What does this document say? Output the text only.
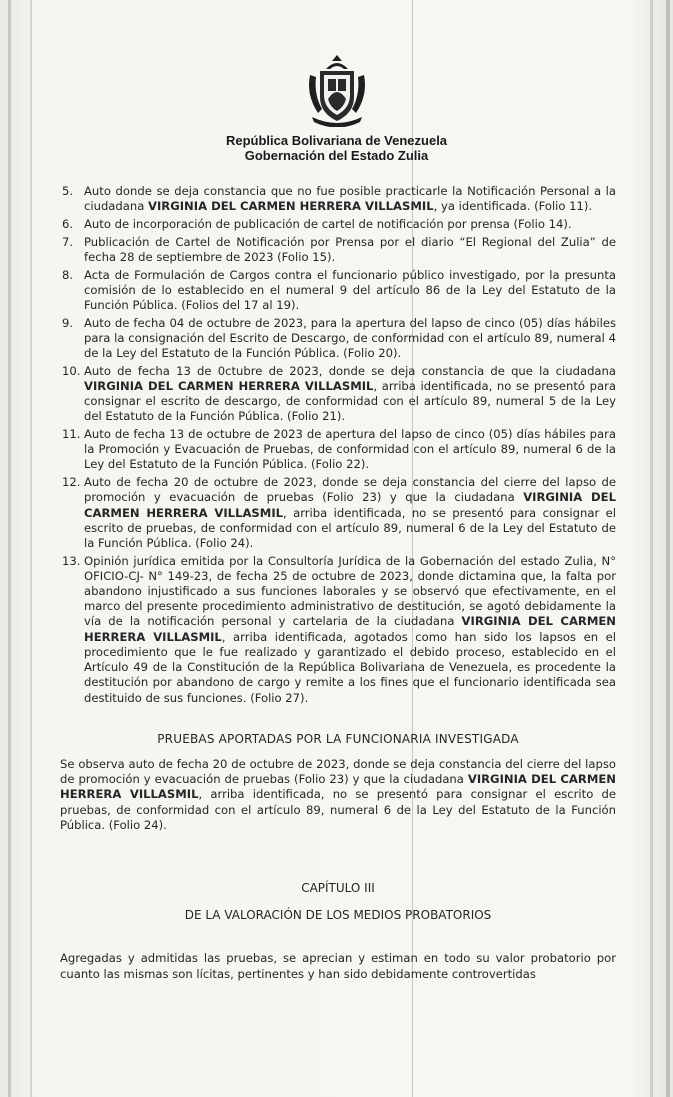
República Bolivariana de Venezuela
Gobernación del Estado Zulia
5. Auto donde se deja constancia que no fue posible practicarle la Notificación Personal a la ciudadana VIRGINIA DEL CARMEN HERRERA VILLASMIL, ya identificada. (Folio 11).
6. Auto de incorporación de publicación de cartel de notificación por prensa (Folio 14).
7. Publicación de Cartel de Notificación por Prensa por el diario “El Regional del Zulia” de fecha 28 de septiembre de 2023 (Folio 15).
8. Acta de Formulación de Cargos contra el funcionario público investigado, por la presunta comisión de lo establecido en el numeral 9 del artículo 86 de la Ley del Estatuto de la Función Pública. (Folios del 17 al 19).
9. Auto de fecha 04 de octubre de 2023, para la apertura del lapso de cinco (05) días hábiles para la consignación del Escrito de Descargo, de conformidad con el artículo 89, numeral 4 de la Ley del Estatuto de la Función Pública. (Folio 20).
10. Auto de fecha 13 de 0ctubre de 2023, donde se deja constancia de que la ciudadana VIRGINIA DEL CARMEN HERRERA VILLASMIL, arriba identificada, no se presentó para consignar el escrito de descargo, de conformidad con el artículo 89, numeral 5 de la Ley del Estatuto de la Función Pública. (Folio 21).
11. Auto de fecha 13 de octubre de 2023 de apertura del lapso de cinco (05) días hábiles para la Promoción y Evacuación de Pruebas, de conformidad con el artículo 89, numeral 6 de la Ley del Estatuto de la Función Pública. (Folio 22).
12. Auto de fecha 20 de octubre de 2023, donde se deja constancia del cierre del lapso de promoción y evacuación de pruebas (Folio 23) y que la ciudadana VIRGINIA DEL CARMEN HERRERA VILLASMIL, arriba identificada, no se presentó para consignar el escrito de pruebas, de conformidad con el artículo 89, numeral 6 de la Ley del Estatuto de la Función Pública. (Folio 24).
13. Opinión jurídica emitida por la Consultoría Jurídica de la Gobernación del estado Zulia, N° OFICIO-CJ- N° 149-23, de fecha 25 de octubre de 2023, donde dictamina que, la falta por abandono injustificado a sus funciones laborales y se observó que efectivamente, en el marco del presente procedimiento administrativo de destitución, se agotó debidamente la vía de la notificación personal y cartelaria de la ciudadana VIRGINIA DEL CARMEN HERRERA VILLASMIL, arriba identificada, agotados como han sido los lapsos en el procedimiento que le fue realizado y garantizado el debido proceso, establecido en el Artículo 49 de la Constitución de la República Bolivariana de Venezuela, es procedente la destitución por abandono de cargo y remite a los fines que el funcionario identificada sea destituido de sus funciones. (Folio 27).
PRUEBAS APORTADAS POR LA FUNCIONARIA INVESTIGADA

Se observa auto de fecha 20 de octubre de 2023, donde se deja constancia del cierre del lapso de promoción y evacuación de pruebas (Folio 23) y que la ciudadana VIRGINIA DEL CARMEN HERRERA VILLASMIL, arriba identificada, no se presentó para consignar el escrito de pruebas, de conformidad con el artículo 89, numeral 6 de la Ley del Estatuto de la Función Pública. (Folio 24).

CAPÍTULO III
DE LA VALORACIÓN DE LOS MEDIOS PROBATORIOS

Agregadas y admitidas las pruebas, se aprecian y estiman en todo su valor probatorio por cuanto las mismas son lícitas, pertinentes y han sido debidamente controvertidas
